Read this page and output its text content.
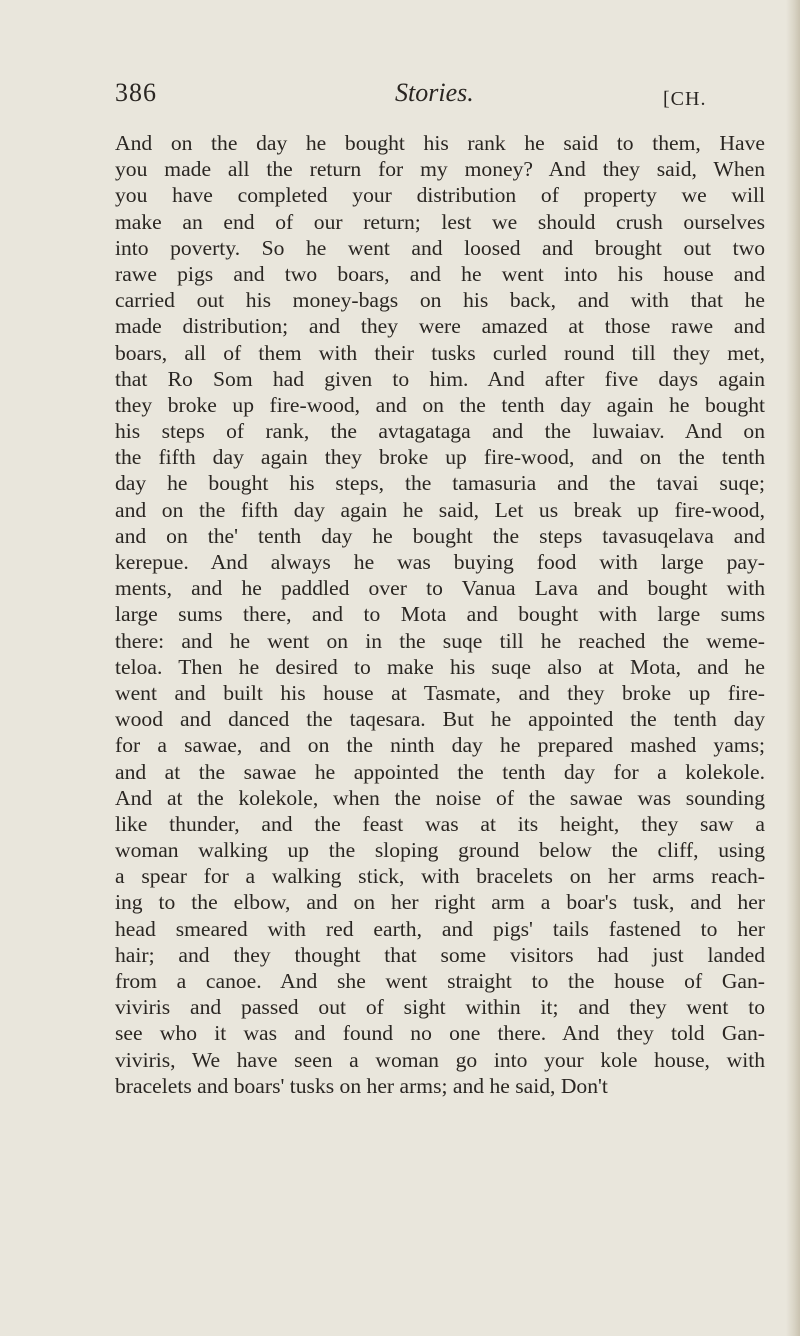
386	Stories.	[CH.
And on the day he bought his rank he said to them, Have
you made all the return for my money? And they said, When
you have completed your distribution of property we will
make an end of our return; lest we should crush ourselves
into poverty. So he went and loosed and brought out two
rawe pigs and two boars, and he went into his house and
carried out his money-bags on his back, and with that he
made distribution; and they were amazed at those rawe and
boars, all of them with their tusks curled round till they met,
that Ro Som had given to him. And after five days again
they broke up fire-wood, and on the tenth day again he bought
his steps of rank, the avtagataga and the luwaiav. And on
the fifth day again they broke up fire-wood, and on the tenth
day he bought his steps, the tamasuria and the tavai suqe;
and on the fifth day again he said, Let us break up fire-wood,
and on the' tenth day he bought the steps tavasuqelava and
kerepue. And always he was buying food with large pay-
ments, and he paddled over to Vanua Lava and bought with
large sums there, and to Mota and bought with large sums
there: and he went on in the suqe till he reached the weme-
teloa. Then he desired to make his suqe also at Mota, and he
went and built his house at Tasmate, and they broke up fire-
wood and danced the taqesara. But he appointed the tenth day
for a sawae, and on the ninth day he prepared mashed yams;
and at the sawae he appointed the tenth day for a kolekole.
And at the kolekole, when the noise of the sawae was sounding
like thunder, and the feast was at its height, they saw a
woman walking up the sloping ground below the cliff, using
a spear for a walking stick, with bracelets on her arms reach-
ing to the elbow, and on her right arm a boar's tusk, and her
head smeared with red earth, and pigs' tails fastened to her
hair; and they thought that some visitors had just landed
from a canoe. And she went straight to the house of Gan-
viviris and passed out of sight within it; and they went to
see who it was and found no one there. And they told Gan-
viviris, We have seen a woman go into your kole house, with
bracelets and boars' tusks on her arms; and he said, Don't
